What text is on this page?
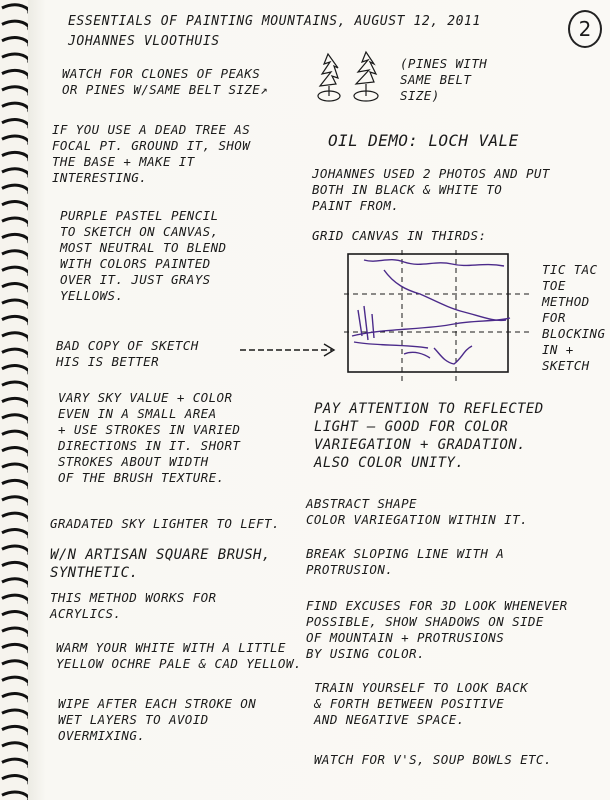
ESSENTIALS OF PAINTING MOUNTAINS, AUGUST 12, 2011
JOHANNES VLOOTHUIS
2
WATCH FOR CLONES OF PEAKS
OR PINES W/SAME BELT SIZE↗
IF YOU USE A DEAD TREE AS
FOCAL PT. GROUND IT, SHOW
THE BASE + MAKE IT
INTERESTING.
PURPLE PASTEL PENCIL
TO SKETCH ON CANVAS,
MOST NEUTRAL TO BLEND
WITH COLORS PAINTED
OVER IT. JUST GRAYS
YELLOWS.
BAD COPY OF SKETCH
HIS IS BETTER
VARY SKY VALUE + COLOR
EVEN IN A SMALL AREA
+ USE STROKES IN VARIED
DIRECTIONS IN IT. SHORT
STROKES ABOUT WIDTH
OF THE BRUSH TEXTURE.
GRADATED SKY LIGHTER TO LEFT.
W/N ARTISAN SQUARE BRUSH,
SYNTHETIC.
THIS METHOD WORKS FOR
ACRYLICS.
WARM YOUR WHITE WITH A LITTLE
YELLOW OCHRE PALE & CAD YELLOW.
WIPE AFTER EACH STROKE ON
WET LAYERS TO AVOID
OVERMIXING.
(PINES WITH
SAME BELT
SIZE)
OIL DEMO: LOCH VALE
JOHANNES USED 2 PHOTOS AND PUT
BOTH IN BLACK & WHITE TO
PAINT FROM.
GRID CANVAS IN THIRDS:
TIC TAC
TOE
METHOD
FOR
BLOCKING
IN +
SKETCH
PAY ATTENTION TO REFLECTED
LIGHT — GOOD FOR COLOR
VARIEGATION + GRADATION.
ALSO COLOR UNITY.
ABSTRACT SHAPE
COLOR VARIEGATION WITHIN IT.
BREAK SLOPING LINE WITH A
PROTRUSION.
FIND EXCUSES FOR 3D LOOK WHENEVER
POSSIBLE, SHOW SHADOWS ON SIDE
OF MOUNTAIN + PROTRUSIONS
BY USING COLOR.
TRAIN YOURSELF TO LOOK BACK
& FORTH BETWEEN POSITIVE
AND NEGATIVE SPACE.
WATCH FOR V'S, SOUP BOWLS ETC.
